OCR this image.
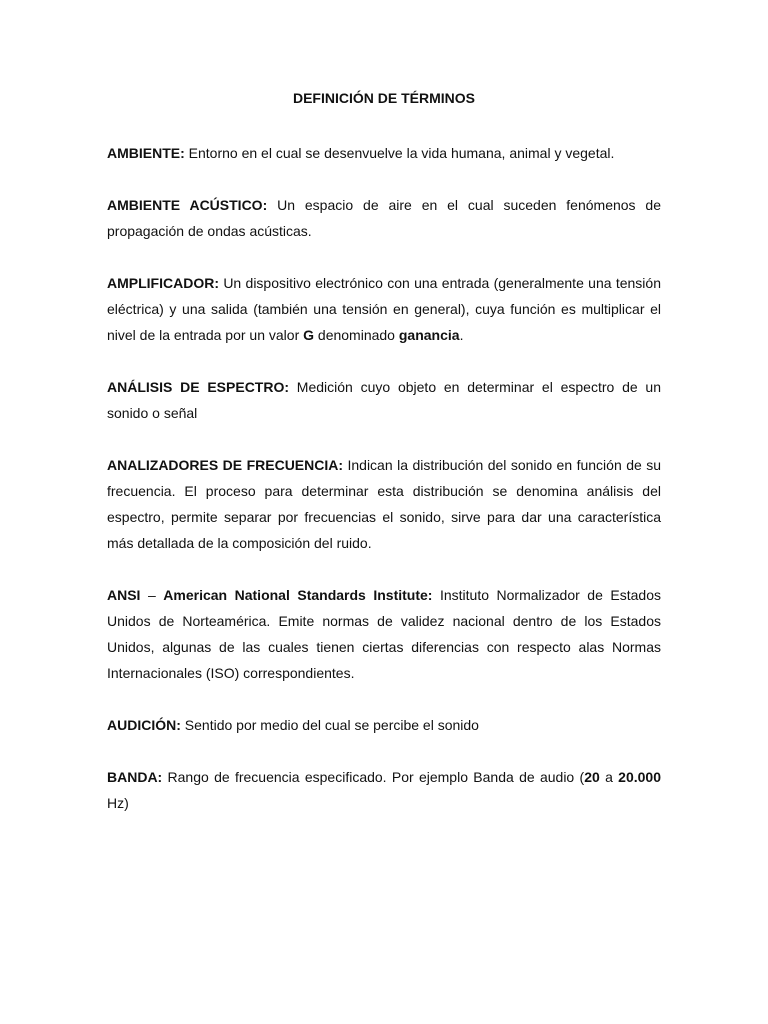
DEFINICIÓN DE TÉRMINOS

AMBIENTE: Entorno en el cual se desenvuelve la vida humana, animal y vegetal.

AMBIENTE ACÚSTICO: Un espacio de aire en el cual suceden fenómenos de propagación de ondas acústicas.

AMPLIFICADOR: Un dispositivo electrónico con una entrada (generalmente una tensión eléctrica) y una salida (también una tensión en general), cuya función es multiplicar el nivel de la entrada por un valor G denominado ganancia.

ANÁLISIS DE ESPECTRO: Medición cuyo objeto en determinar el espectro de un sonido o señal

ANALIZADORES DE FRECUENCIA: Indican la distribución del sonido en función de su frecuencia. El proceso para determinar esta distribución se denomina análisis del espectro, permite separar por frecuencias el sonido, sirve para dar una característica más detallada de la composición del ruido.

ANSI – American National Standards Institute: Instituto Normalizador de Estados Unidos de Norteamérica. Emite normas de validez nacional dentro de los Estados Unidos, algunas de las cuales tienen ciertas diferencias con respecto alas Normas Internacionales (ISO) correspondientes.

AUDICIÓN: Sentido por medio del cual se percibe el sonido

BANDA: Rango de frecuencia especificado. Por ejemplo Banda de audio (20 a 20.000 Hz)
